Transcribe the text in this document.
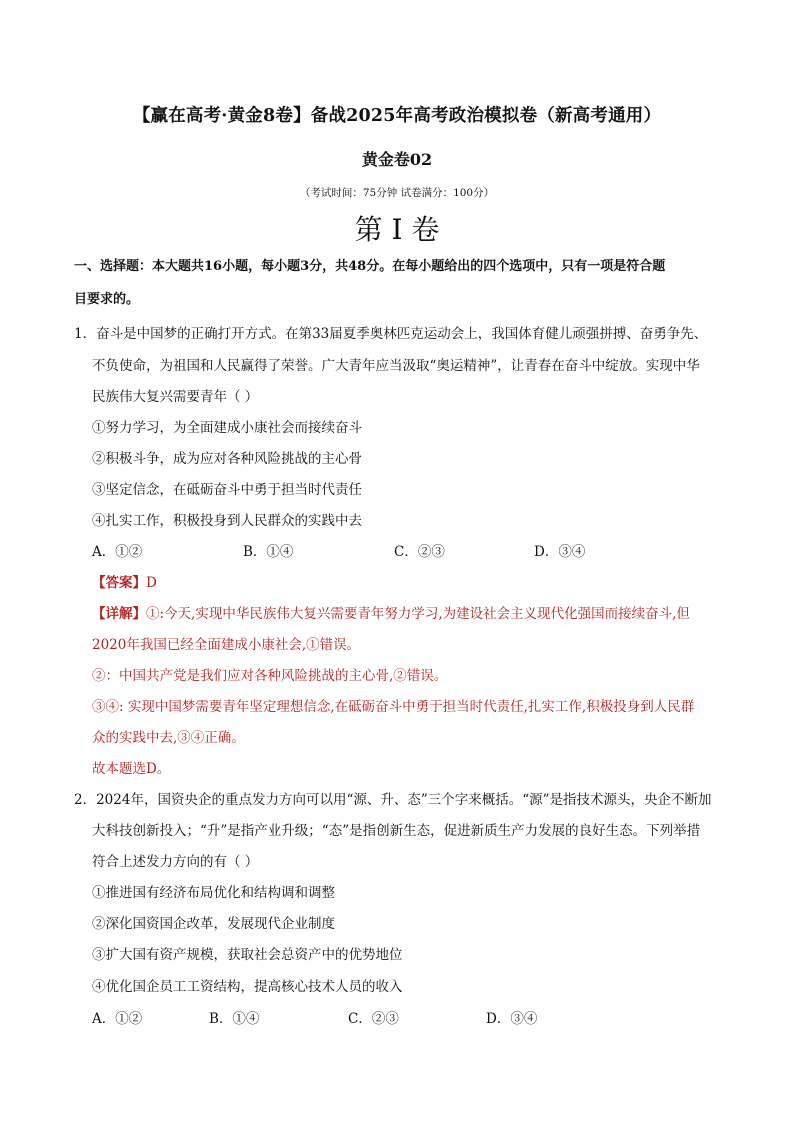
【赢在高考·黄金8卷】备战2025年高考政治模拟卷（新高考通用）
黄金卷02
（考试时间：75分钟 试卷满分：100分）
第 I 卷
一、选择题：本大题共16小题，每小题3分，共48分。在每小题给出的四个选项中，只有一项是符合题
目要求的。
1．奋斗是中国梦的正确打开方式。在第33届夏季奥林匹克运动会上，我国体育健儿顽强拼搏、奋勇争先、
不负使命，为祖国和人民赢得了荣誉。广大青年应当汲取“奥运精神”，让青春在奋斗中绽放。实现中华
民族伟大复兴需要青年（ ）
①努力学习，为全面建成小康社会而接续奋斗
②积极斗争，成为应对各种风险挑战的主心骨
③坚定信念，在砥砺奋斗中勇于担当时代责任
④扎实工作，积极投身到人民群众的实践中去
A．①②	B．①④	C．②③	D．③④
【答案】D
【详解】①:今天,实现中华民族伟大复兴需要青年努力学习,为建设社会主义现代化强国而接续奋斗,但
2020年我国已经全面建成小康社会,①错误。
②：中国共产党是我们应对各种风险挑战的主心骨,②错误。
③④: 实现中国梦需要青年坚定理想信念,在砥砺奋斗中勇于担当时代责任,扎实工作,积极投身到人民群
众的实践中去,③④正确。
故本题选D。
2．2024年，国资央企的重点发力方向可以用“源、升、态”三个字来概括。“源”是指技术源头，央企不断加
大科技创新投入；“升”是指产业升级；“态”是指创新生态，促进新质生产力发展的良好生态。下列举措
符合上述发力方向的有（ ）
①推进国有经济布局优化和结构调和调整
②深化国资国企改革，发展现代企业制度
③扩大国有资产规模，获取社会总资产中的优势地位
④优化国企员工工资结构，提高核心技术人员的收入
A．①②	B．①④	C．②③	D．③④
